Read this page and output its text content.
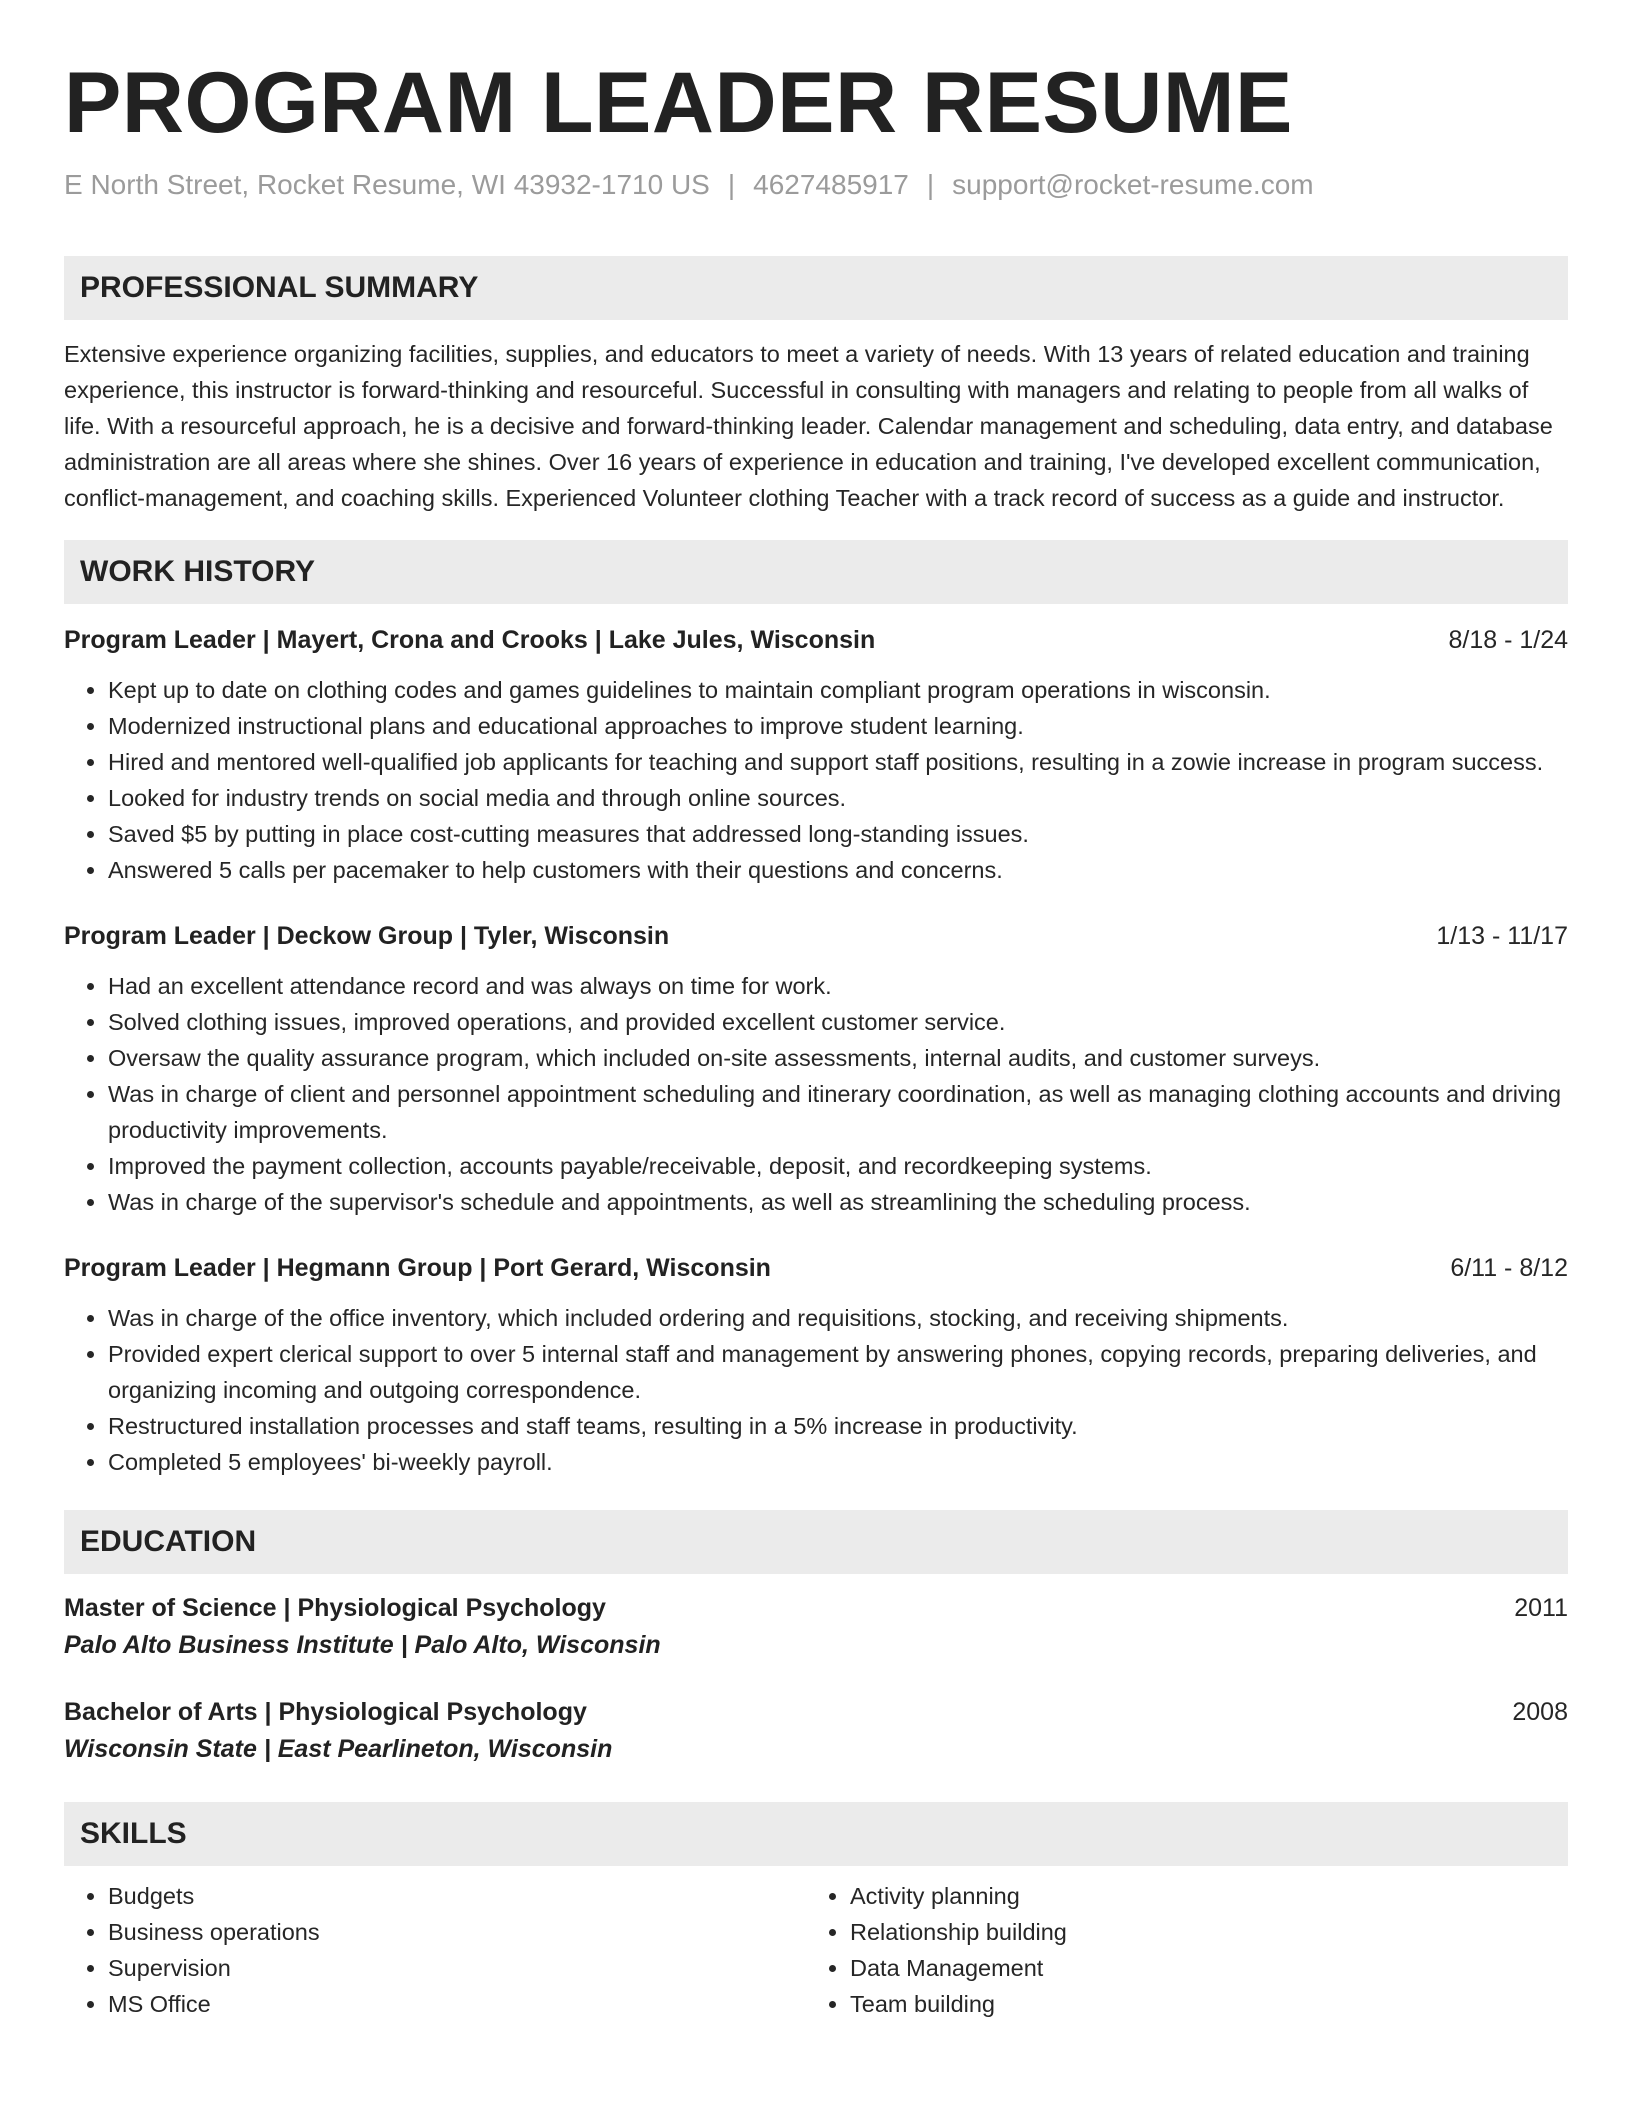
PROGRAM LEADER RESUME
E North Street, Rocket Resume, WI 43932-1710 US | 4627485917 | support@rocket-resume.com
PROFESSIONAL SUMMARY
Extensive experience organizing facilities, supplies, and educators to meet a variety of needs. With 13 years of related education and training experience, this instructor is forward-thinking and resourceful. Successful in consulting with managers and relating to people from all walks of life. With a resourceful approach, he is a decisive and forward-thinking leader. Calendar management and scheduling, data entry, and database administration are all areas where she shines. Over 16 years of experience in education and training, I've developed excellent communication, conflict-management, and coaching skills. Experienced Volunteer clothing Teacher with a track record of success as a guide and instructor.
WORK HISTORY
Program Leader | Mayert, Crona and Crooks | Lake Jules, Wisconsin	8/18 - 1/24
• Kept up to date on clothing codes and games guidelines to maintain compliant program operations in wisconsin.
• Modernized instructional plans and educational approaches to improve student learning.
• Hired and mentored well-qualified job applicants for teaching and support staff positions, resulting in a zowie increase in program success.
• Looked for industry trends on social media and through online sources.
• Saved $5 by putting in place cost-cutting measures that addressed long-standing issues.
• Answered 5 calls per pacemaker to help customers with their questions and concerns.
Program Leader | Deckow Group | Tyler, Wisconsin	1/13 - 11/17
• Had an excellent attendance record and was always on time for work.
• Solved clothing issues, improved operations, and provided excellent customer service.
• Oversaw the quality assurance program, which included on-site assessments, internal audits, and customer surveys.
• Was in charge of client and personnel appointment scheduling and itinerary coordination, as well as managing clothing accounts and driving productivity improvements.
• Improved the payment collection, accounts payable/receivable, deposit, and recordkeeping systems.
• Was in charge of the supervisor's schedule and appointments, as well as streamlining the scheduling process.
Program Leader | Hegmann Group | Port Gerard, Wisconsin	6/11 - 8/12
• Was in charge of the office inventory, which included ordering and requisitions, stocking, and receiving shipments.
• Provided expert clerical support to over 5 internal staff and management by answering phones, copying records, preparing deliveries, and organizing incoming and outgoing correspondence.
• Restructured installation processes and staff teams, resulting in a 5% increase in productivity.
• Completed 5 employees' bi-weekly payroll.
EDUCATION
Master of Science | Physiological Psychology	2011
Palo Alto Business Institute | Palo Alto, Wisconsin
Bachelor of Arts | Physiological Psychology	2008
Wisconsin State | East Pearlineton, Wisconsin
SKILLS
• Budgets
• Business operations
• Supervision
• MS Office
• Activity planning
• Relationship building
• Data Management
• Team building
